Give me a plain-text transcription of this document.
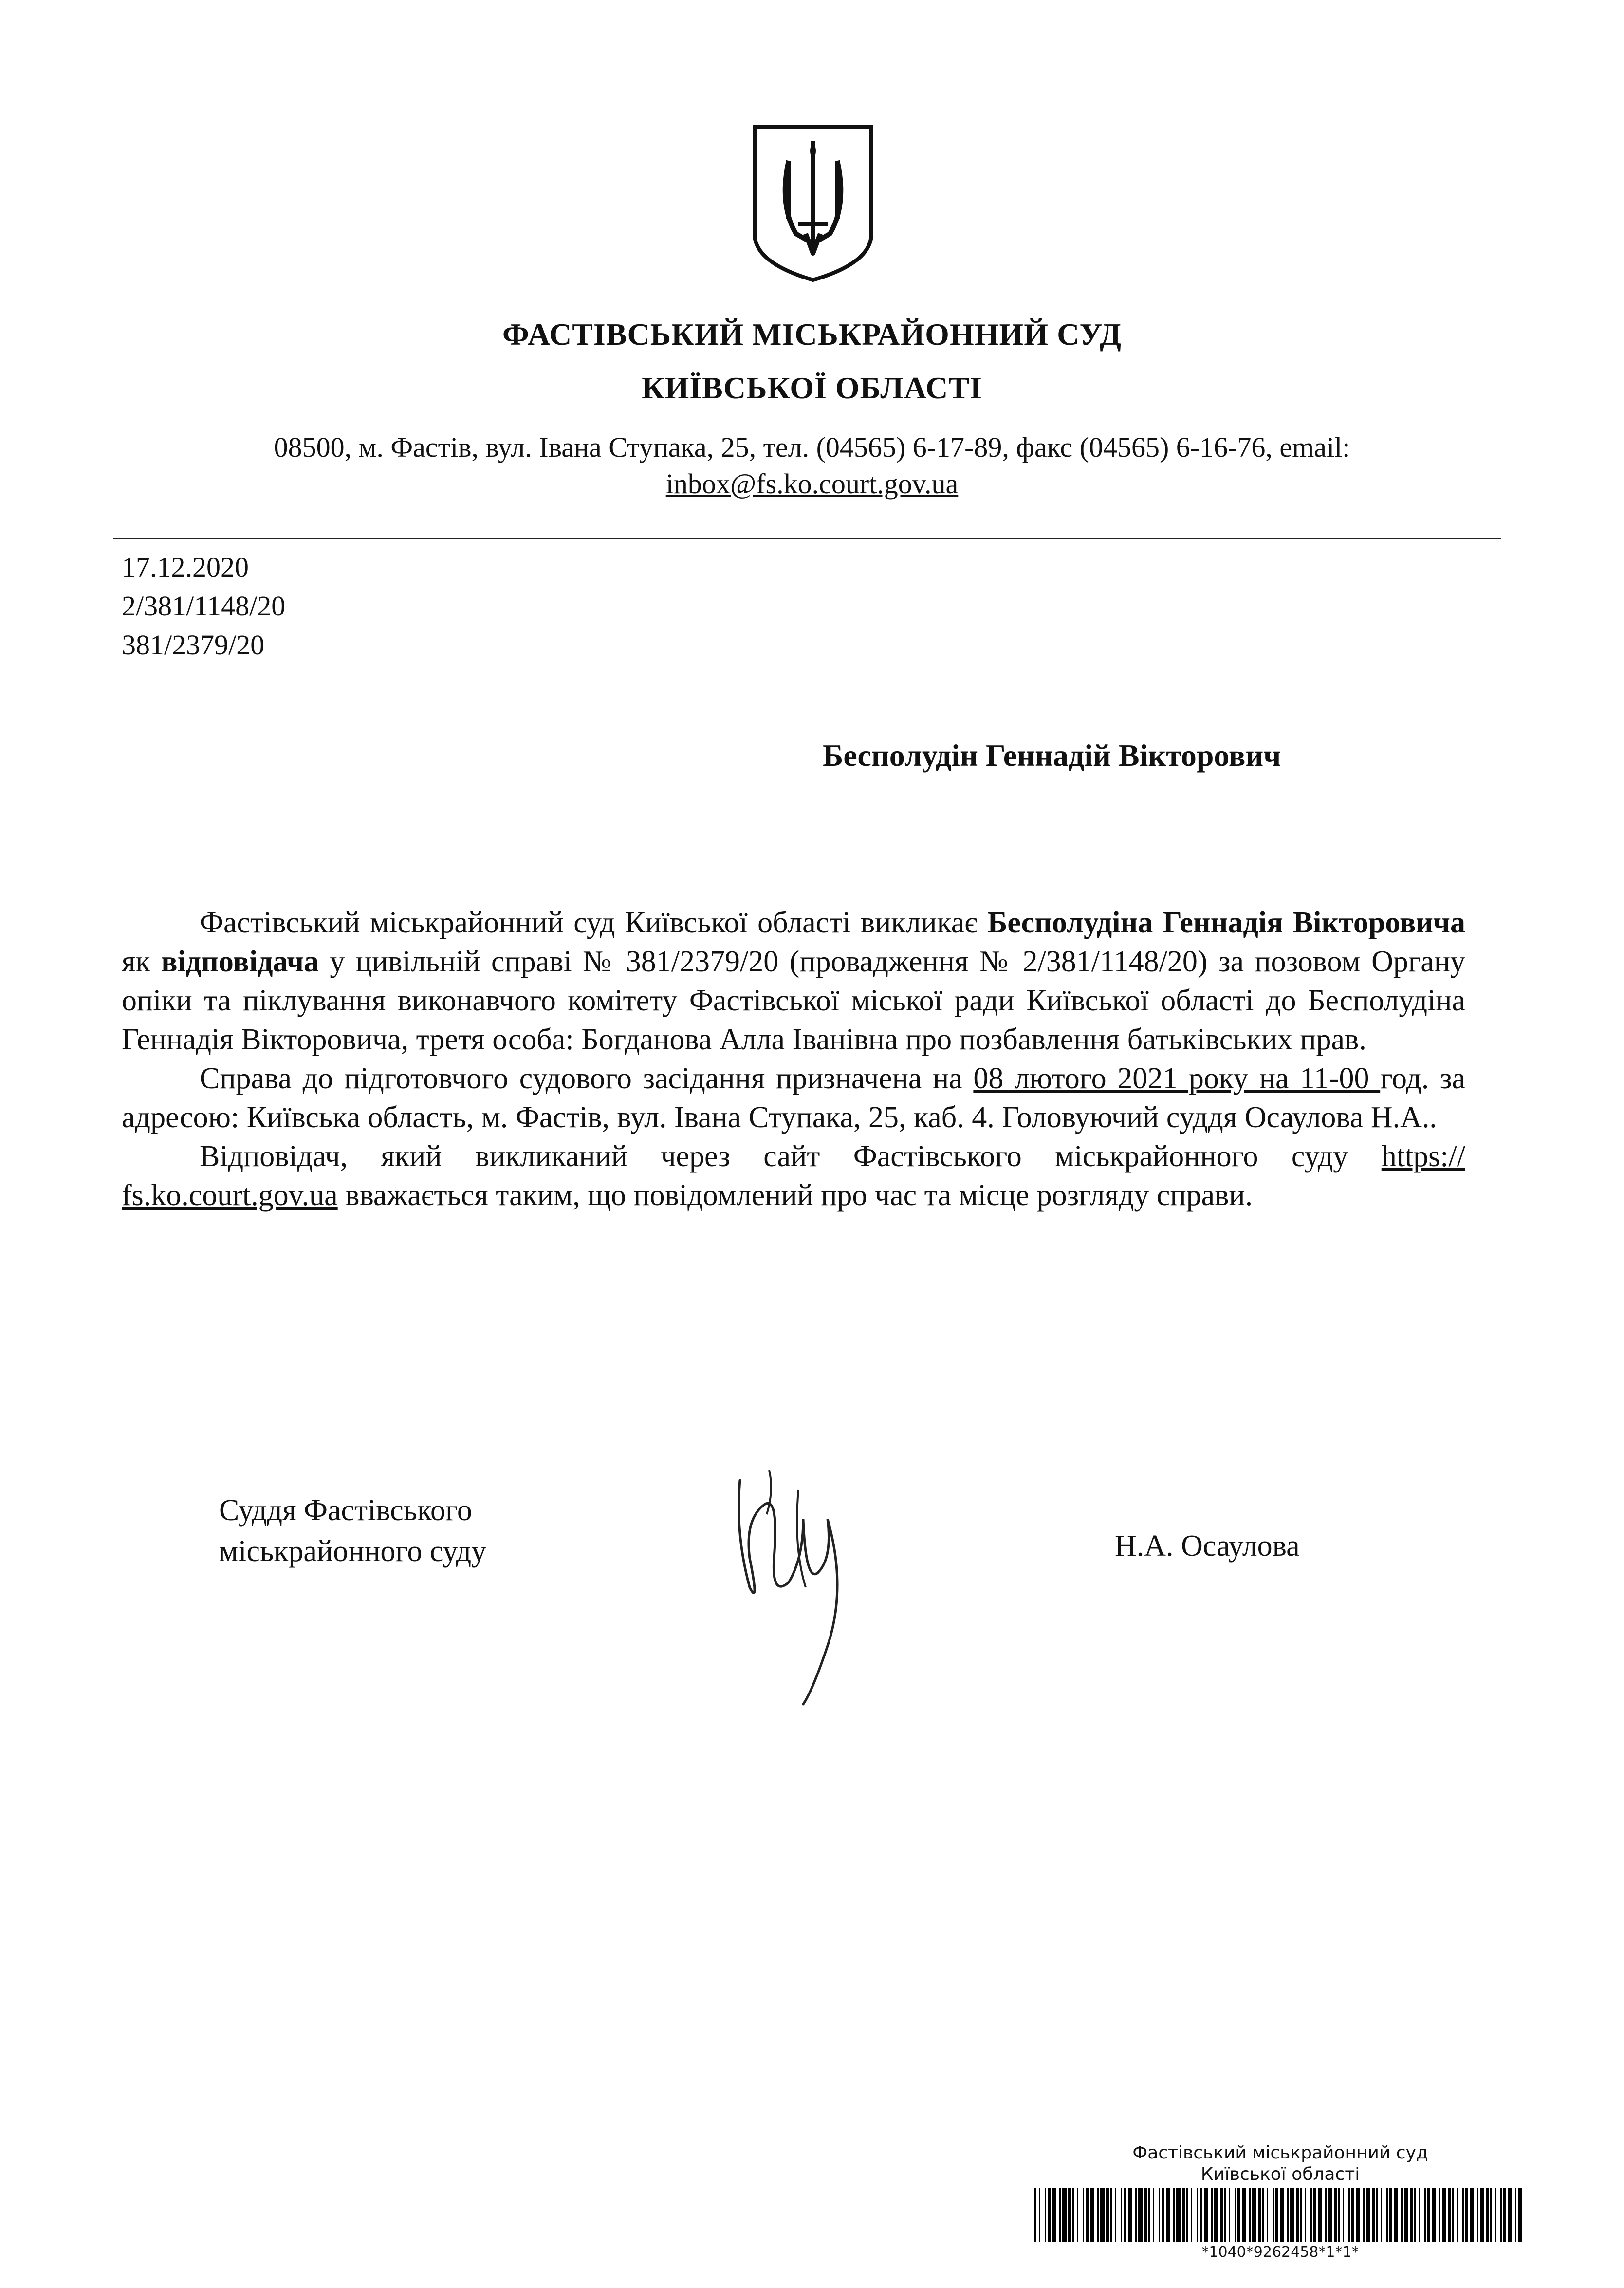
ФАСТІВСЬКИЙ МІСЬКРАЙОННИЙ СУД
КИЇВСЬКОЇ ОБЛАСТІ
08500, м. Фастів, вул. Івана Ступака, 25, тел. (04565) 6-17-89, факс (04565) 6-16-76, email:
inbox@fs.ko.court.gov.ua
17.12.2020
2/381/1148/20
381/2379/20
Бесполудін Геннадій Вікторович

Фастівський міськрайонний суд Київської області викликає Бесполудіна Геннадія Вікторовича як відповідача у цивільній справі № 381/2379/20 (провадження № 2/381/1148/20) за позовом Органу опіки та піклування виконавчого комітету Фастівської міської ради Київської області до Бесполудіна Геннадія Вікторовича, третя особа: Богданова Алла Іванівна про позбавлення батьківських прав.

Справа до підготовчого судового засідання призначена на 08 лютого 2021 року на 11-00 год. за адресою: Київська область, м. Фастів, вул. Івана Ступака, 25, каб. 4. Головуючий суддя Осаулова Н.А..

Відповідач, який викликаний через сайт Фастівського міськрайонного суду https:// fs.ko.court.gov.ua вважається таким, що повідомлений про час та місце розгляду справи.

Суддя Фастівського
міськрайонного суду	Н.А. Осаулова
Фастівський міськрайонний суд
Київської області
*1040*9262458*1*1*
